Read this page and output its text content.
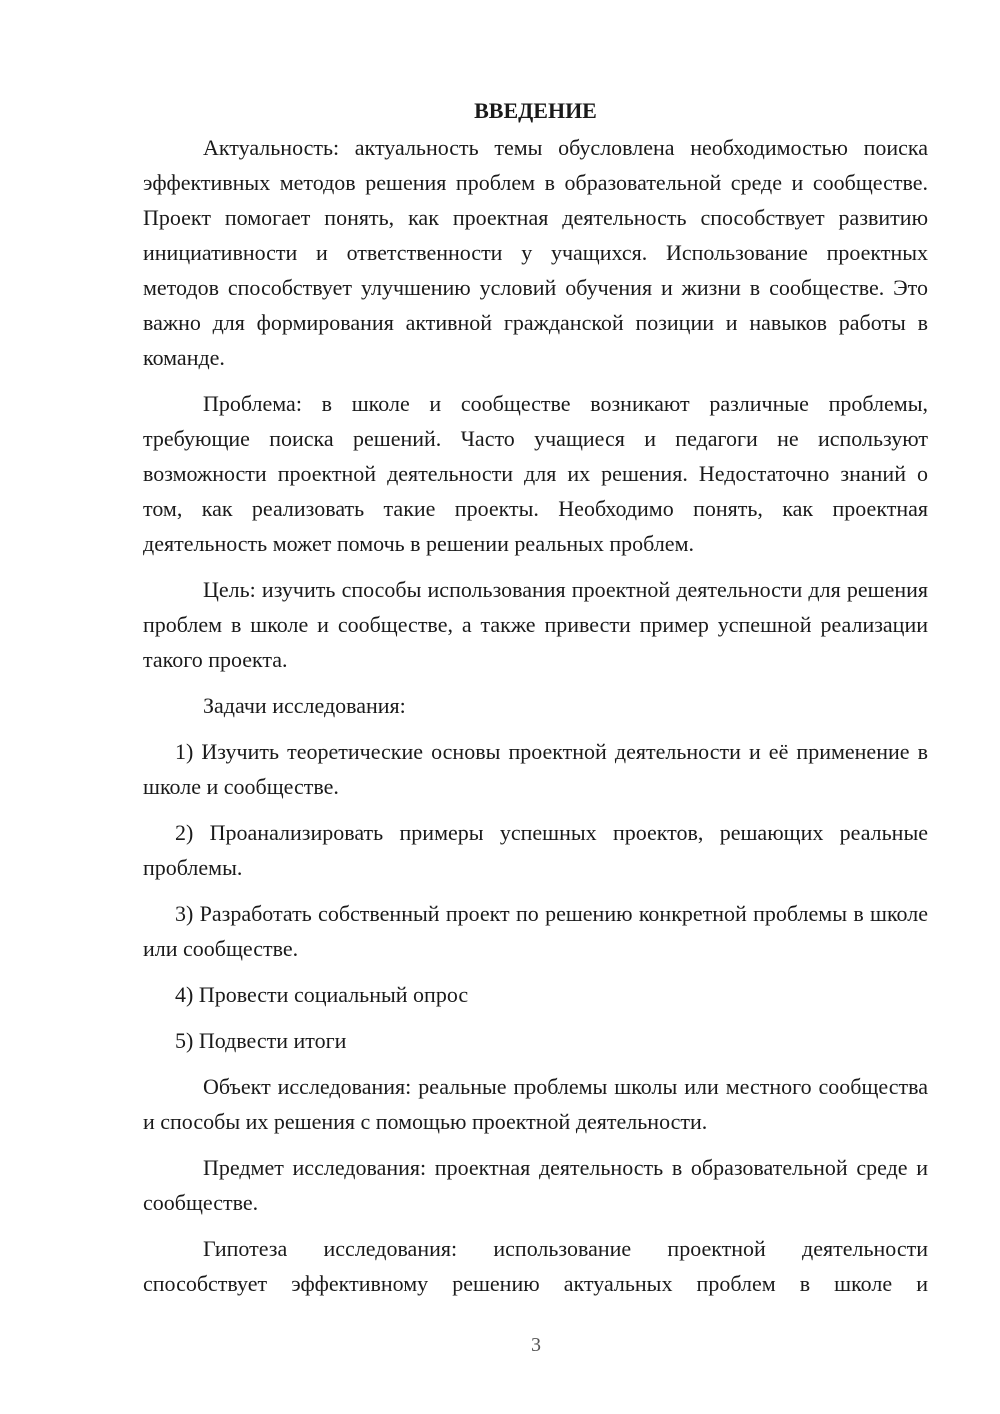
ВВЕДЕНИЕ

Актуальность: актуальность темы обусловлена необходимостью поиска эффективных методов решения проблем в образовательной среде и сообществе. Проект помогает понять, как проектная деятельность способствует развитию инициативности и ответственности у учащихся. Использование проектных методов способствует улучшению условий обучения и жизни в сообществе. Это важно для формирования активной гражданской позиции и навыков работы в команде.

Проблема: в школе и сообществе возникают различные проблемы, требующие поиска решений. Часто учащиеся и педагоги не используют возможности проектной деятельности для их решения. Недостаточно знаний о том, как реализовать такие проекты. Необходимо понять, как проектная деятельность может помочь в решении реальных проблем.

Цель: изучить способы использования проектной деятельности для решения проблем в школе и сообществе, а также привести пример успешной реализации такого проекта.

Задачи исследования:

1) Изучить теоретические основы проектной деятельности и её применение в школе и сообществе.

2) Проанализировать примеры успешных проектов, решающих реальные проблемы.

3) Разработать собственный проект по решению конкретной проблемы в школе или сообществе.

4) Провести социальный опрос

5) Подвести итоги

Объект исследования: реальные проблемы школы или местного сообщества и способы их решения с помощью проектной деятельности.

Предмет исследования: проектная деятельность в образовательной среде и сообществе.

Гипотеза исследования: использование проектной деятельности способствует эффективному решению актуальных проблем в школе и

3
